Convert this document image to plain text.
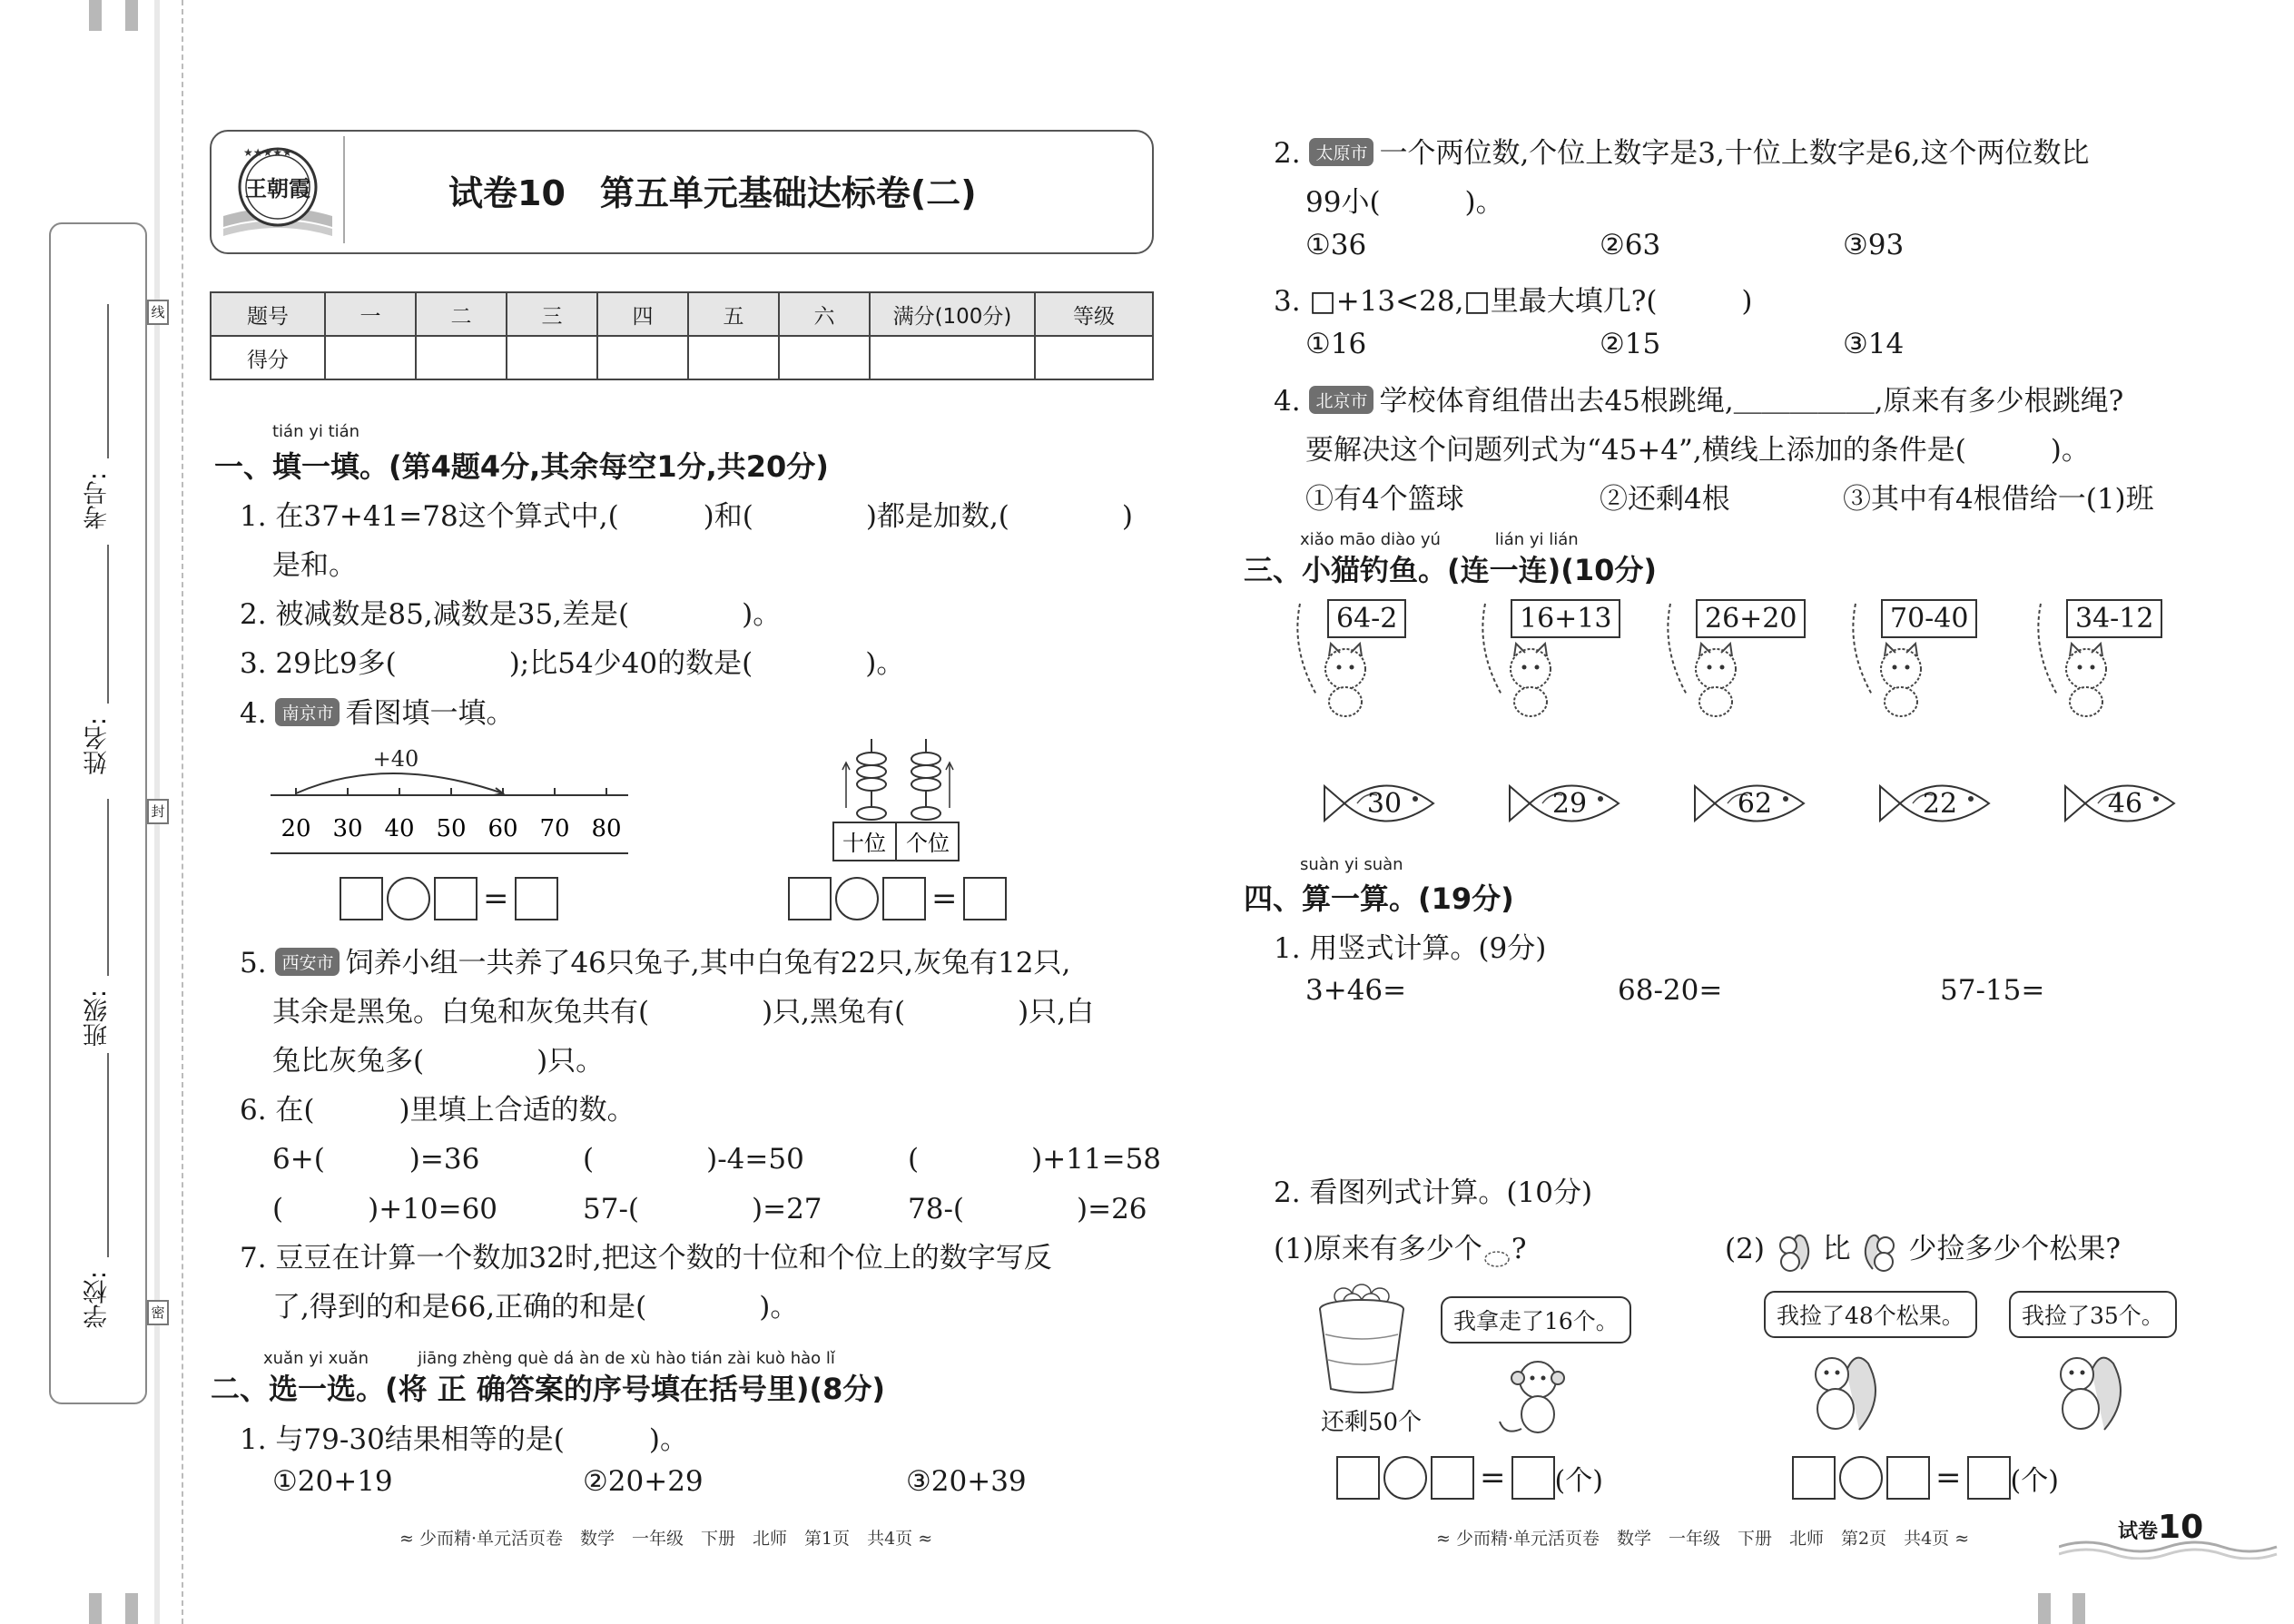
考号:
姓名:
班级:
学校:
线
封
密
★★★★★
王朝霞	试卷10　第五单元基础达标卷(二)
题号	一	二	三	四	五	六	满分(100分)	等级
得分								
tián yi tián
一、填一填。(第4题4分,其余每空1分,共20分)
1. 在37+41=78这个算式中,(　　　)和(　　　　)都是加数,(　　　　)
是和。
2. 被减数是85,减数是35,差是(　　　　)。
3. 29比9多(　　　　);比54少40的数是(　　　　)。
4. 南京市 看图填一填。
+40
20 30 40 50 60 70 80
=
十位 个位
=
5. 西安市 饲养小组一共养了46只兔子,其中白兔有22只,灰兔有12只,
其余是黑兔。白兔和灰兔共有(　　　　)只,黑兔有(　　　　)只,白
兔比灰兔多(　　　　)只。
6. 在(　　　)里填上合适的数。
6+(　　　)=36	(　　　　)-4=50	(　　　　)+11=58
(　　　)+10=60	57-(　　　　)=27	78-(　　　　)=26
7. 豆豆在计算一个数加32时,把这个数的十位和个位上的数字写反
了,得到的和是66,正确的和是(　　　　)。
xuǎn yi xuǎn　　　jiāng zhèng què dá àn de xù hào tián zài kuò hào lǐ
二、选一选。(将 正 确答案的序号填在括号里)(8分)
1. 与79-30结果相等的是(　　　)。
①20+19	②20+29	③20+39
≈ 少而精·单元活页卷　数学　一年级　下册　北师　第1页　共4页 ≈
2. 太原市 一个两位数,个位上数字是3,十位上数字是6,这个两位数比
99小(　　　)。
①36	②63	③93
3. □+13<28,□里最大填几?(　　　)
①16	②15	③14
4. 北京市 学校体育组借出去45根跳绳,＿＿＿＿＿,原来有多少根跳绳?
要解决这个问题列式为“45+4”,横线上添加的条件是(　　　)。
①有4个篮球	②还剩4根	③其中有4根借给一(1)班
xiǎo māo diào yú　　　 lián yi lián
三、小猫钓鱼。(连一连)(10分)
64-2	16+13	26+20	70-40	34-12
30	29	62	22	46
suàn yi suàn
四、算一算。(19分)
1. 用竖式计算。(9分)
3+46=	68-20=	57-15=
2. 看图列式计算。(10分)
(1)原来有多少个 ?	(2) 比 少捡多少个松果?
还剩50个
我拿走了16个。
= (个)
我捡了48个松果。	我捡了35个。
= (个)
≈ 少而精·单元活页卷　数学　一年级　下册　北师　第2页　共4页 ≈	试卷10
